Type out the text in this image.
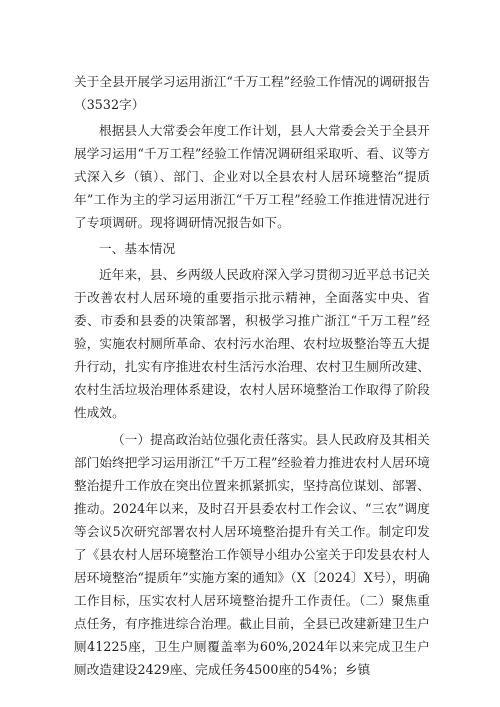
关于全县开展学习运用浙江“千万工程”经验工作情况的调研报告（3532字）

根据县人大常委会年度工作计划，县人大常委会关于全县开展学习运用“千万工程”经验工作情况调研组采取听、看、议等方式深入乡（镇）、部门、企业对以全县农村人居环境整治“提质年”工作为主的学习运用浙江“千万工程”经验工作推进情况进行了专项调研。现将调研情况报告如下。

一、基本情况

近年来，县、乡两级人民政府深入学习贯彻习近平总书记关于改善农村人居环境的重要指示批示精神，全面落实中央、省委、市委和县委的决策部署，积极学习推广浙江“千万工程”经验，实施农村厕所革命、农村污水治理、农村垃圾整治等五大提升行动，扎实有序推进农村生活污水治理、农村卫生厕所改建、农村生活垃圾治理体系建设，农村人居环境整治工作取得了阶段性成效。

（一）提高政治站位强化责任落实。县人民政府及其相关部门始终把学习运用浙江“千万工程”经验着力推进农村人居环境整治提升工作放在突出位置来抓紧抓实，坚持高位谋划、部署、推动。2024年以来，及时召开县委农村工作会议、“三农”调度等会议5次研究部署农村人居环境整治提升有关工作。制定印发了《县农村人居环境整治工作领导小组办公室关于印发县农村人居环境整治“提质年”实施方案的通知》（X〔2024〕X号），明确工作目标，压实农村人居环境整治提升工作责任。（二）聚焦重点任务，有序推进综合治理。截止目前，全县已改建新建卫生户厕41225座，卫生户厕覆盖率为60%,2024年以来完成卫生户厕改造建设2429座、完成任务4500座的54%；乡镇
